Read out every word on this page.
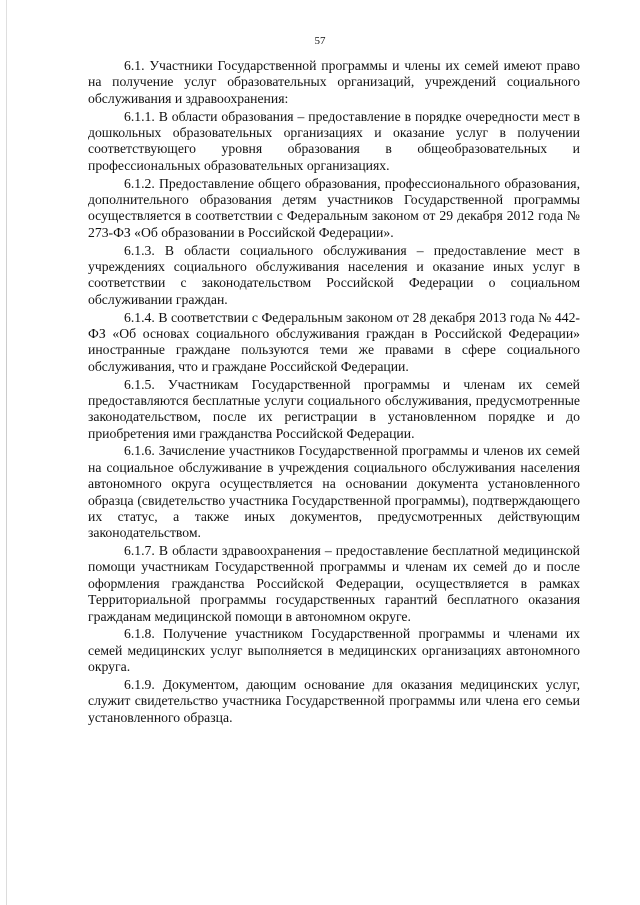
57

6.1. Участники Государственной программы и члены их семей имеют право на получение услуг образовательных организаций, учреждений социального обслуживания и здравоохранения:

6.1.1. В области образования – предоставление в порядке очередности мест в дошкольных образовательных организациях и оказание услуг в получении соответствующего уровня образования в общеобразовательных и профессиональных образовательных организациях.

6.1.2. Предоставление общего образования, профессионального образования, дополнительного образования детям участников Государственной программы осуществляется в соответствии с Федеральным законом от 29 декабря 2012 года № 273-ФЗ «Об образовании в Российской Федерации».

6.1.3. В области социального обслуживания – предоставление мест в учреждениях социального обслуживания населения и оказание иных услуг в соответствии с законодательством Российской Федерации о социальном обслуживании граждан.

6.1.4. В соответствии с Федеральным законом от 28 декабря 2013 года № 442-ФЗ «Об основах социального обслуживания граждан в Российской Федерации» иностранные граждане пользуются теми же правами в сфере социального обслуживания, что и граждане Российской Федерации.

6.1.5. Участникам Государственной программы и членам их семей предоставляются бесплатные услуги социального обслуживания, предусмотренные законодательством, после их регистрации в установленном порядке и до приобретения ими гражданства Российской Федерации.

6.1.6. Зачисление участников Государственной программы и членов их семей на социальное обслуживание в учреждения социального обслуживания населения автономного округа осуществляется на основании документа установленного образца (свидетельство участника Государственной программы), подтверждающего их статус, а также иных документов, предусмотренных действующим законодательством.

6.1.7. В области здравоохранения – предоставление бесплатной медицинской помощи участникам Государственной программы и членам их семей до и после оформления гражданства Российской Федерации, осуществляется в рамках Территориальной программы государственных гарантий бесплатного оказания гражданам медицинской помощи в автономном округе.

6.1.8. Получение участником Государственной программы и членами их семей медицинских услуг выполняется в медицинских организациях автономного округа.

6.1.9. Документом, дающим основание для оказания медицинских услуг, служит свидетельство участника Государственной программы или члена его семьи установленного образца.
